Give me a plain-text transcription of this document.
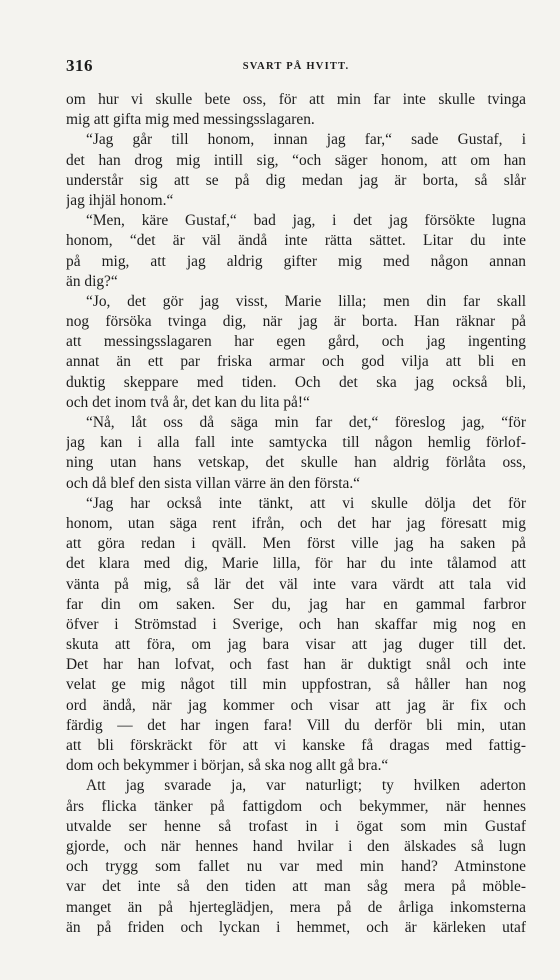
316	SVART PÅ HVITT.
om hur vi skulle bete oss, för att min far inte skulle tvinga
mig att gifta mig med messingsslagaren.
“Jag går till honom, innan jag far,“ sade Gustaf, i
det han drog mig intill sig, “och säger honom, att om han
understår sig att se på dig medan jag är borta, så slår
jag ihjäl honom.“
“Men, käre Gustaf,“ bad jag, i det jag försökte lugna
honom, “det är väl ändå inte rätta sättet. Litar du inte
på mig, att jag aldrig gifter mig med någon annan
än dig?“
“Jo, det gör jag visst, Marie lilla; men din far skall
nog försöka tvinga dig, när jag är borta. Han räknar på
att messingsslagaren har egen gård, och jag ingenting
annat än ett par friska armar och god vilja att bli en
duktig skeppare med tiden. Och det ska jag också bli,
och det inom två år, det kan du lita på!“
“Nå, låt oss då säga min far det,“ föreslog jag, “för
jag kan i alla fall inte samtycka till någon hemlig förlof-
ning utan hans vetskap, det skulle han aldrig förlåta oss,
och då blef den sista villan värre än den första.“
“Jag har också inte tänkt, att vi skulle dölja det för
honom, utan säga rent ifrån, och det har jag föresatt mig
att göra redan i qväll. Men först ville jag ha saken på
det klara med dig, Marie lilla, för har du inte tålamod att
vänta på mig, så lär det väl inte vara värdt att tala vid
far din om saken. Ser du, jag har en gammal farbror
öfver i Strömstad i Sverige, och han skaffar mig nog en
skuta att föra, om jag bara visar att jag duger till det.
Det har han lofvat, och fast han är duktigt snål och inte
velat ge mig något till min uppfostran, så håller han nog
ord ändå, när jag kommer och visar att jag är fix och
färdig — det har ingen fara! Vill du derför bli min, utan
att bli förskräckt för att vi kanske få dragas med fattig-
dom och bekymmer i början, så ska nog allt gå bra.“
Att jag svarade ja, var naturligt; ty hvilken aderton
års flicka tänker på fattigdom och bekymmer, när hennes
utvalde ser henne så trofast in i ögat som min Gustaf
gjorde, och när hennes hand hvilar i den älskades så lugn
och trygg som fallet nu var med min hand? Atminstone
var det inte så den tiden att man såg mera på möble-
manget än på hjerteglädjen, mera på de årliga inkomsterna
än på friden och lyckan i hemmet, och är kärleken utaf
